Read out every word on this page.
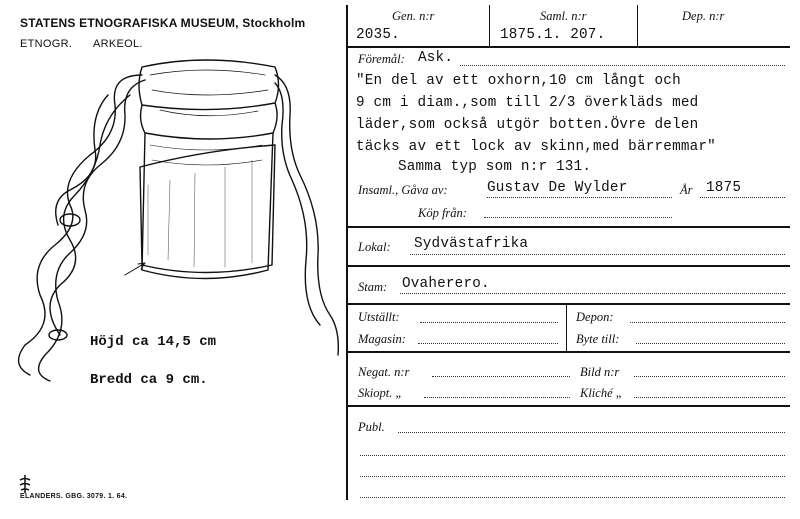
STATENS ETNOGRAFISKA MUSEUM, Stockholm
ETNOGR. ARKEOL.
Höjd ca 14,5 cm
Bredd ca 9 cm.
ELANDERS. GBG. 3079. 1. 64.
Gen. n:r
2035.
Saml. n:r
1875.1. 207.
Dep. n:r
Föremål: Ask.
"En del av ett oxhorn,10 cm långt och
9 cm i diam.,som till 2/3 överkläds med
läder,som också utgör botten.Övre delen
täcks av ett lock av skinn,med bärremmar"
Samma typ som n:r 131.
Insaml., Gåva av:	Gustav De Wylder	År 1875
Köp från:
Lokal: Sydvästafrika
Stam: Ovaherero.
Utställt:
Magasin:
Depon:
Byte till:
Negat. n:r	Bild n:r
Skiopt. „	Kliché „
Publ.
